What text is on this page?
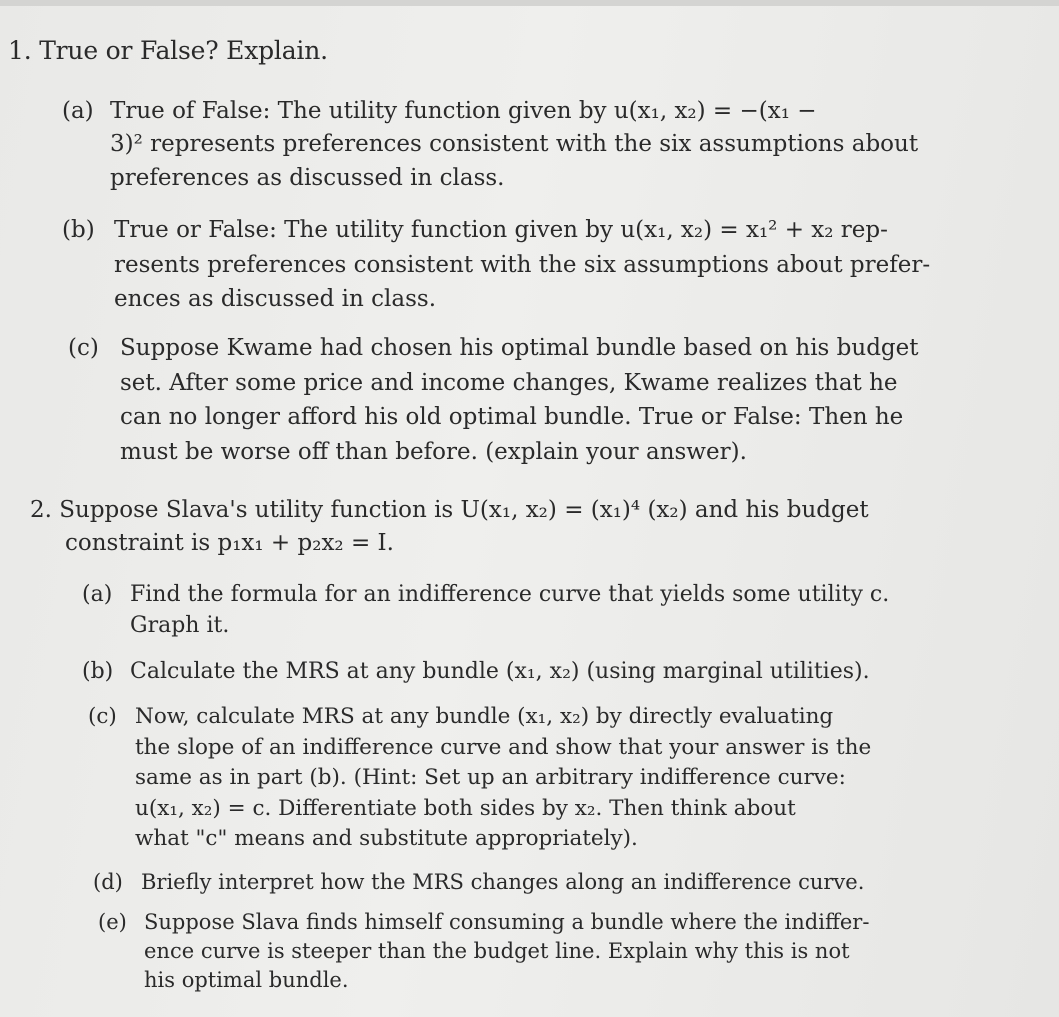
1. True or False? Explain.
(a) True of False: The utility function given by u(x₁, x₂) = −(x₁ −
3)² represents preferences consistent with the six assumptions about
preferences as discussed in class.
(b) True or False: The utility function given by u(x₁, x₂) = x₁² + x₂ rep-
resents preferences consistent with the six assumptions about prefer-
ences as discussed in class.
(c) Suppose Kwame had chosen his optimal bundle based on his budget
set. After some price and income changes, Kwame realizes that he
can no longer afford his old optimal bundle. True or False: Then he
must be worse off than before. (explain your answer).
2. Suppose Slava's utility function is U(x₁, x₂) = (x₁)⁴ (x₂) and his budget
constraint is p₁x₁ + p₂x₂ = I.
(a) Find the formula for an indifference curve that yields some utility c.
Graph it.
(b) Calculate the MRS at any bundle (x₁, x₂) (using marginal utilities).
(c) Now, calculate MRS at any bundle (x₁, x₂) by directly evaluating
the slope of an indifference curve and show that your answer is the
same as in part (b). (Hint: Set up an arbitrary indifference curve:
u(x₁, x₂) = c. Differentiate both sides by x₂. Then think about
what "c" means and substitute appropriately).
(d) Briefly interpret how the MRS changes along an indifference curve.
(e) Suppose Slava finds himself consuming a bundle where the indiffer-
ence curve is steeper than the budget line. Explain why this is not
his optimal bundle.
